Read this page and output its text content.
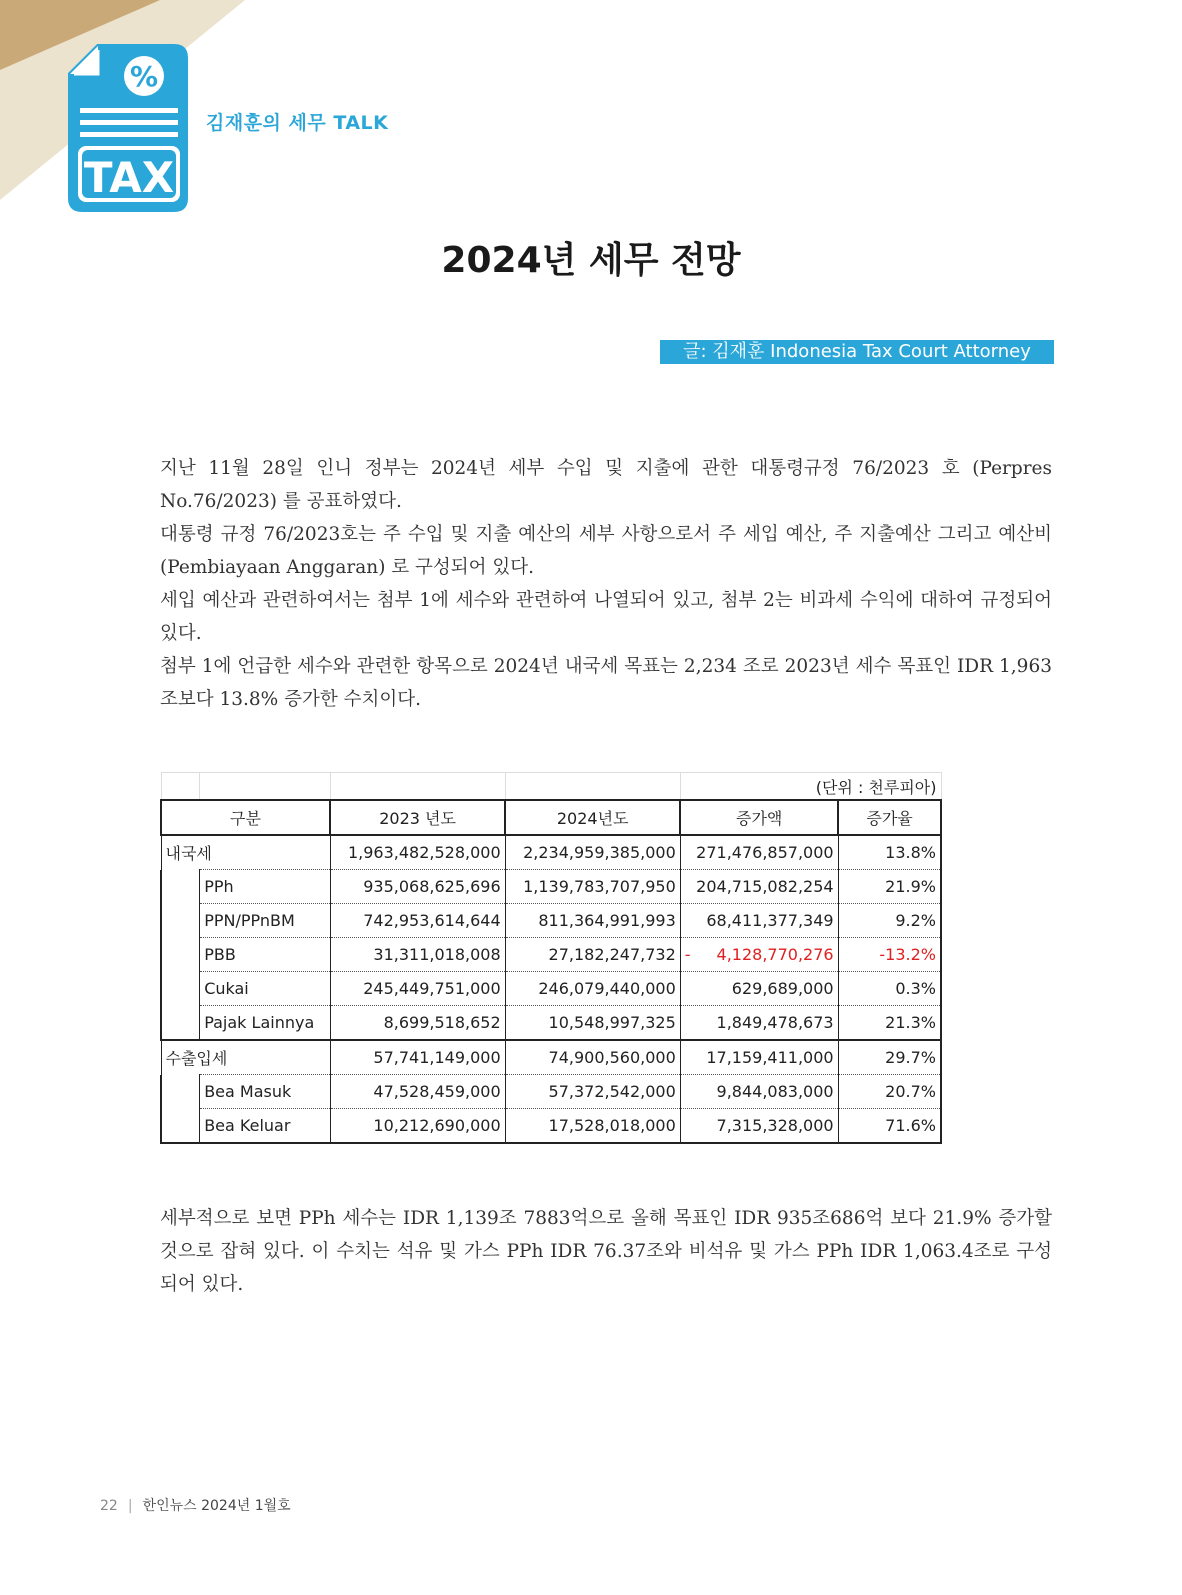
%
TAX
김재훈의 세무 TALK
2024년 세무 전망
글: 김재훈 Indonesia Tax Court Attorney

지난 11월 28일 인니 정부는 2024년 세부 수입 및 지출에 관한 대통령규정 76/2023 호 (Perpres No.76/2023) 를 공표하였다.

대통령 규정 76/2023호는 주 수입 및 지출 예산의 세부 사항으로서 주 세입 예산, 주 지출예산 그리고 예산비(Pembiayaan Anggaran) 로 구성되어 있다.

세입 예산과 관련하여서는 첨부 1에 세수와 관련하여 나열되어 있고, 첨부 2는 비과세 수익에 대하여 규정되어 있다.

첨부 1에 언급한 세수와 관련한 항목으로 2024년 내국세 목표는 2,234 조로 2023년 세수 목표인 IDR 1,963 조보다 13.8% 증가한 수치이다.

				(단위 : 천루피아)	
구분		2023 년도	2024년도	증가액	증가율
내국세		1,963,482,528,000	2,234,959,385,000	271,476,857,000	13.8%
	PPh	935,068,625,696	1,139,783,707,950	204,715,082,254	21.9%
	PPN/PPnBM	742,953,614,644	811,364,991,993	68,411,377,349	9.2%
	PBB	31,311,018,008	27,182,247,732	- 4,128,770,276	-13.2%
	Cukai	245,449,751,000	246,079,440,000	629,689,000	0.3%
	Pajak Lainnya	8,699,518,652	10,548,997,325	1,849,478,673	21.3%
수출입세		57,741,149,000	74,900,560,000	17,159,411,000	29.7%
	Bea Masuk	47,528,459,000	57,372,542,000	9,844,083,000	20.7%
	Bea Keluar	10,212,690,000	17,528,018,000	7,315,328,000	71.6%

세부적으로 보면 PPh 세수는 IDR 1,139조 7883억으로 올해 목표인 IDR 935조686억 보다 21.9% 증가할 것으로 잡혀 있다. 이 수치는 석유 및 가스 PPh IDR 76.37조와 비석유 및 가스 PPh IDR 1,063.4조로 구성되어 있다.

22 | 한인뉴스 2024년 1월호
